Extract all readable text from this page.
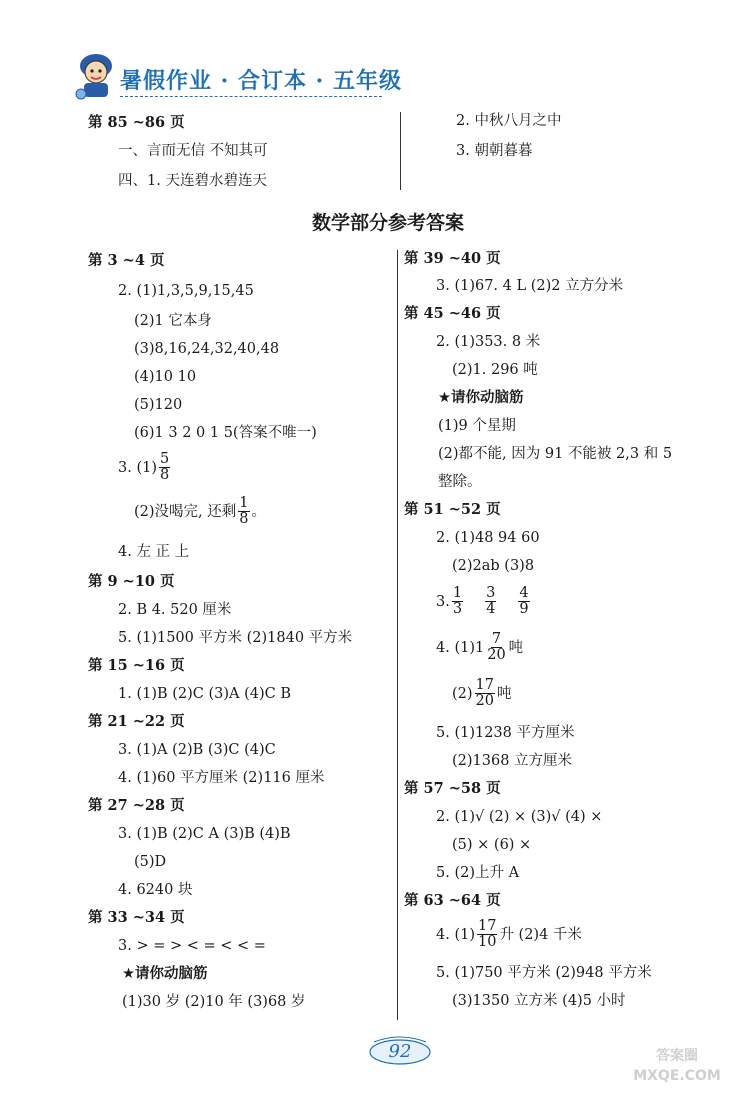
暑假作业 · 合订本 · 五年级
第 85 ~86 页
一、言而无信 不知其可
四、1. 天连碧水碧连天
2. 中秋八月之中
3. 朝朝暮暮
数学部分参考答案
第 3 ~4 页
2. (1)1,3,5,9,15,45
(2)1 它本身
(3)8,16,24,32,40,48
(4)10 10
(5)120
(6)1 3 2 0 1 5(答案不唯一)
3. $(1) \frac{5}{8}$
(2)没喝完, 还剩 $\frac{1}{8}$ 。
4. 左 正 上
第 9 ~10 页
2. B 4. 520 厘米
5. (1)1500 平方米 (2)1840 平方米
第 15 ~16 页
1. (1)B (2)C (3)A (4)C B
第 21 ~22 页
3. (1)A (2)B (3)C (4)C
4. (1)60 平方厘米 (2)116 厘米
第 27 ~28 页
3. (1)B (2)C A (3)B (4)B
(5)D
4. 6240 块
第 33 ~34 页
3. > = > < = < < =
★请你动脑筋
(1)30 岁 (2)10 年 (3)68 岁
第 39 ~40 页
3. (1)67. 4 L (2)2 立方分米
第 45 ~46 页
2. (1)353. 8 米
(2)1. 296 吨
★请你动脑筋
(1)9 个星期
(2)都不能, 因为 91 不能被 2,3 和 5
整除。
第 51 ~52 页
2. (1)48 94 60
(2)2ab (3)8
3. $\frac{1}{3} \frac{3}{4} \frac{4}{9}$
4. $(1)1 \frac{7}{20}$ 吨
$(2) \frac{17}{20}$ 吨
5. (1)1238 平方厘米
(2)1368 立方厘米
第 57 ~58 页
2. (1)√ (2) × (3)√ (4) ×
(5) × (6) ×
5. (2)上升 A
第 63 ~64 页
4. $(1) \frac{17}{10}$ 升 (2)4 千米
5. (1)750 平方米 (2)948 平方米
(3)1350 立方米 (4)5 小时
92	答案圈 MXQE.COM
